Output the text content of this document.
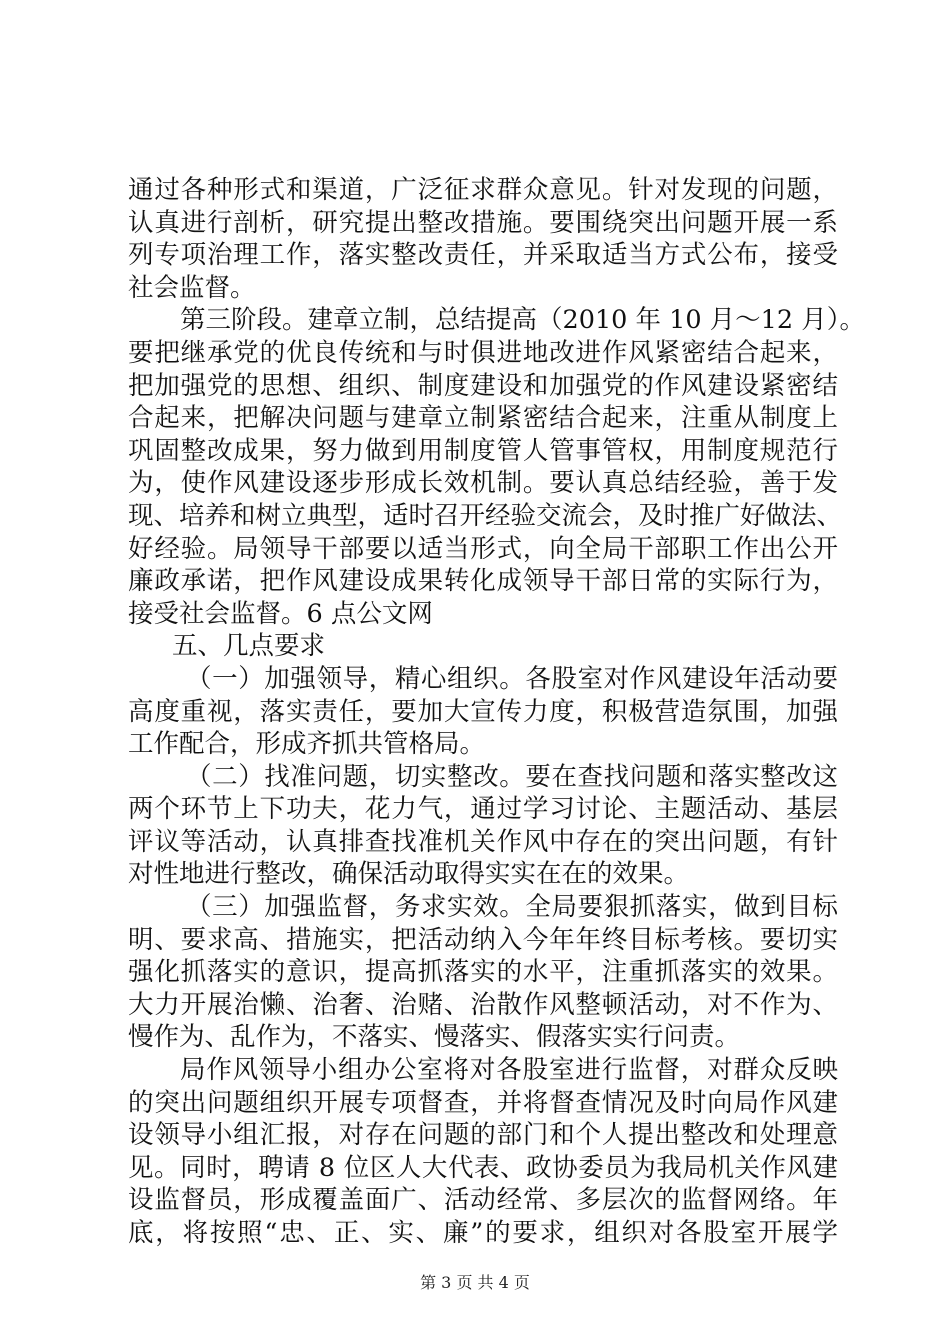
通过各种形式和渠道，广泛征求群众意见。针对发现的问题，
认真进行剖析，研究提出整改措施。要围绕突出问题开展一系
列专项治理工作，落实整改责任，并采取适当方式公布，接受
社会监督。
第三阶段。建章立制，总结提高（2010 年 10 月～12 月）。
要把继承党的优良传统和与时俱进地改进作风紧密结合起来，
把加强党的思想、组织、制度建设和加强党的作风建设紧密结
合起来，把解决问题与建章立制紧密结合起来，注重从制度上
巩固整改成果，努力做到用制度管人管事管权，用制度规范行
为，使作风建设逐步形成长效机制。要认真总结经验，善于发
现、培养和树立典型，适时召开经验交流会，及时推广好做法、
好经验。局领导干部要以适当形式，向全局干部职工作出公开
廉政承诺，把作风建设成果转化成领导干部日常的实际行为，
接受社会监督。6 点公文网
五、几点要求
（一）加强领导，精心组织。各股室对作风建设年活动要
高度重视，落实责任，要加大宣传力度，积极营造氛围，加强
工作配合，形成齐抓共管格局。
（二）找准问题，切实整改。要在查找问题和落实整改这
两个环节上下功夫，花力气，通过学习讨论、主题活动、基层
评议等活动，认真排查找准机关作风中存在的突出问题，有针
对性地进行整改，确保活动取得实实在在的效果。
（三）加强监督，务求实效。全局要狠抓落实，做到目标
明、要求高、措施实，把活动纳入今年年终目标考核。要切实
强化抓落实的意识，提高抓落实的水平，注重抓落实的效果。
大力开展治懒、治奢、治赌、治散作风整顿活动，对不作为、
慢作为、乱作为，不落实、慢落实、假落实实行问责。
局作风领导小组办公室将对各股室进行监督，对群众反映
的突出问题组织开展专项督查，并将督查情况及时向局作风建
设领导小组汇报，对存在问题的部门和个人提出整改和处理意
见。同时，聘请 8 位区人大代表、政协委员为我局机关作风建
设监督员，形成覆盖面广、活动经常、多层次的监督网络。年
底，将按照“忠、正、实、廉”的要求，组织对各股室开展学
第 3 页 共 4 页
